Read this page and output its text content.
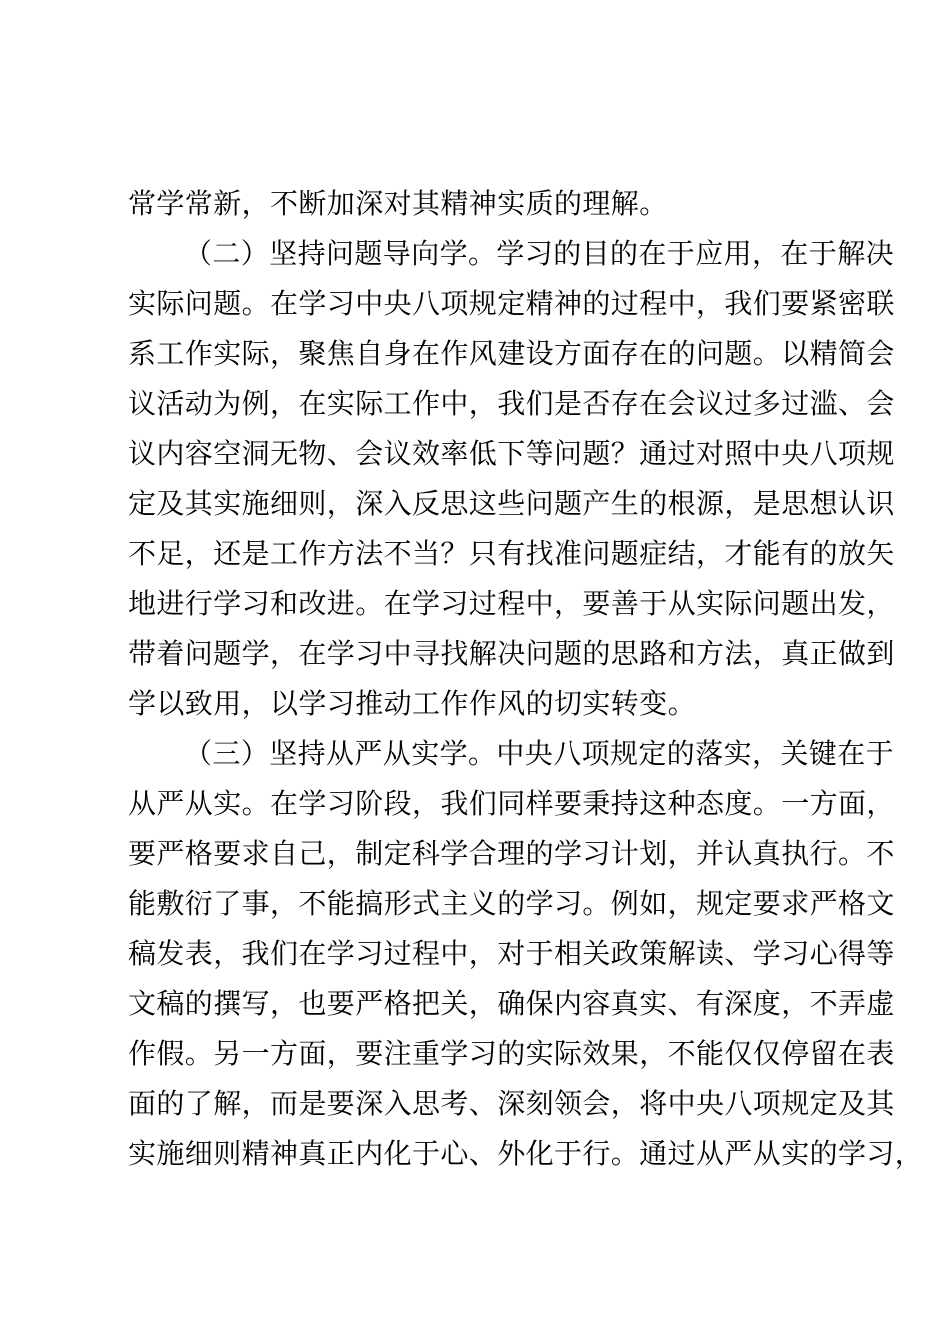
常学常新，不断加深对其精神实质的理解。
（二）坚持问题导向学。学习的目的在于应用，在于解决
实际问题。在学习中央八项规定精神的过程中，我们要紧密联
系工作实际，聚焦自身在作风建设方面存在的问题。以精简会
议活动为例，在实际工作中，我们是否存在会议过多过滥、会
议内容空洞无物、会议效率低下等问题？通过对照中央八项规
定及其实施细则，深入反思这些问题产生的根源，是思想认识
不足，还是工作方法不当？只有找准问题症结，才能有的放矢
地进行学习和改进。在学习过程中，要善于从实际问题出发，
带着问题学，在学习中寻找解决问题的思路和方法，真正做到
学以致用，以学习推动工作作风的切实转变。
（三）坚持从严从实学。中央八项规定的落实，关键在于
从严从实。在学习阶段，我们同样要秉持这种态度。一方面，
要严格要求自己，制定科学合理的学习计划，并认真执行。不
能敷衍了事，不能搞形式主义的学习。例如，规定要求严格文
稿发表，我们在学习过程中，对于相关政策解读、学习心得等
文稿的撰写，也要严格把关，确保内容真实、有深度，不弄虚
作假。另一方面，要注重学习的实际效果，不能仅仅停留在表
面的了解，而是要深入思考、深刻领会，将中央八项规定及其
实施细则精神真正内化于心、外化于行。通过从严从实的学习，
